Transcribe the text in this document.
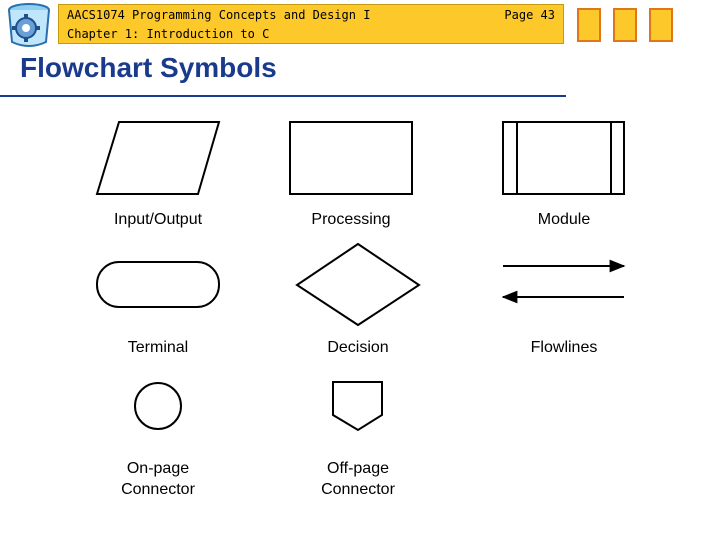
AACS1074 Programming Concepts and Design I
Chapter 1: Introduction to C
Page 43
Flowchart Symbols
Input/Output	Processing	Module
Terminal	Decision	Flowlines
On-page
Connector
Off-page
Connector
